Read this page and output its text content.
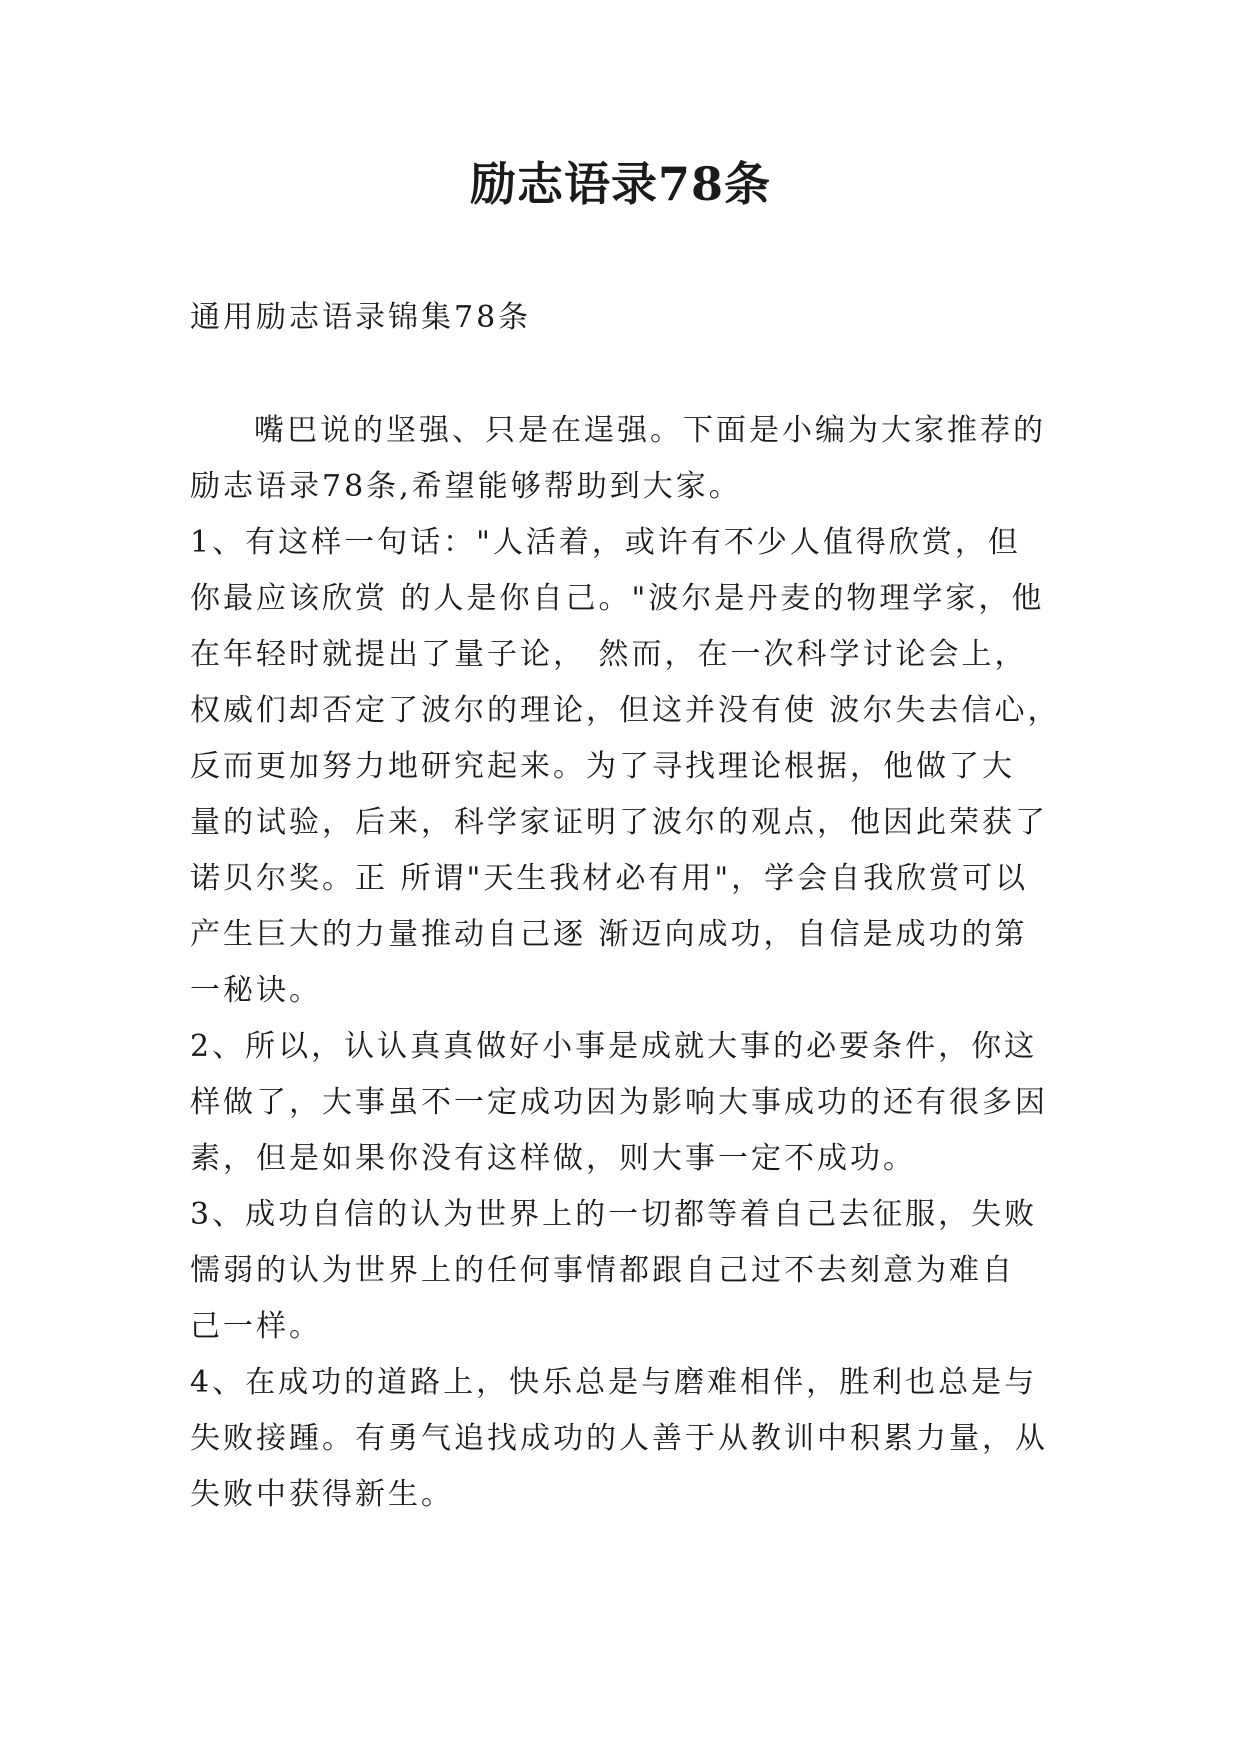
励志语录78条

通用励志语录锦集78条

嘴巴说的坚强、只是在逞强。下面是小编为大家推荐的

励志语录78条,希望能够帮助到大家。

1、有这样一句话："人活着，或许有不少人值得欣赏，但

你最应该欣赏 的人是你自己。"波尔是丹麦的物理学家，他

在年轻时就提出了量子论， 然而，在一次科学讨论会上，

权威们却否定了波尔的理论，但这并没有使 波尔失去信心，

反而更加努力地研究起来。为了寻找理论根据，他做了大

量的试验，后来，科学家证明了波尔的观点，他因此荣获了

诺贝尔奖。正 所谓"天生我材必有用"，学会自我欣赏可以

产生巨大的力量推动自己逐 渐迈向成功，自信是成功的第

一秘诀。

2、所以，认认真真做好小事是成就大事的必要条件，你这

样做了，大事虽不一定成功因为影响大事成功的还有很多因

素，但是如果你没有这样做，则大事一定不成功。

3、成功自信的认为世界上的一切都等着自己去征服，失败

懦弱的认为世界上的任何事情都跟自己过不去刻意为难自

己一样。

4、在成功的道路上，快乐总是与磨难相伴，胜利也总是与

失败接踵。有勇气追找成功的人善于从教训中积累力量，从

失败中获得新生。
